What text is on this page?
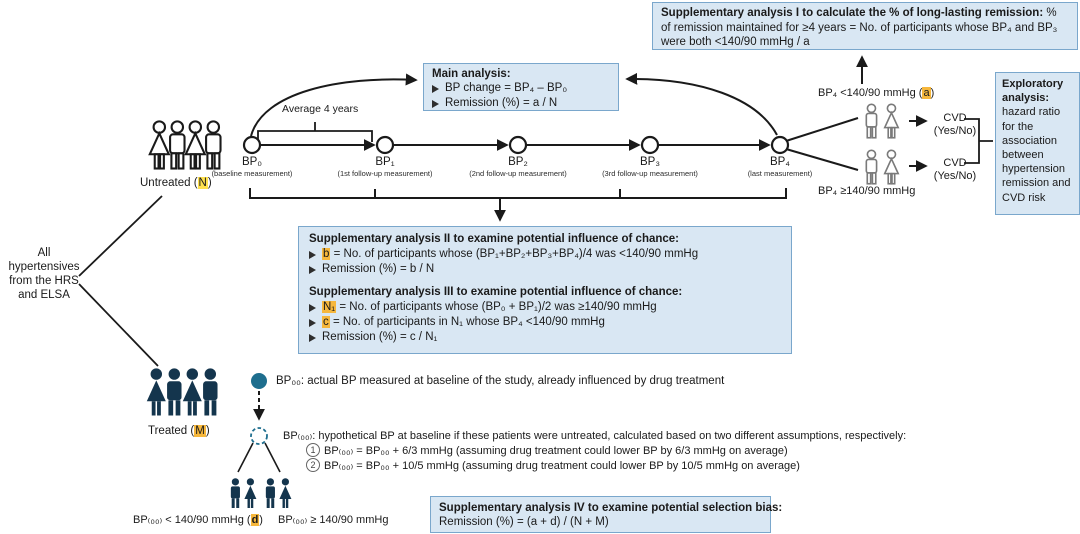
Supplementary analysis I to calculate the % of long-lasting remission: % of remission maintained for ≥4 years = No. of participants whose BP₄ and BP₃ were both <140/90 mmHg / a
Main analysis:
BP change = BP₄ – BP₀
Remission (%) = a / N
Supplementary analysis II to examine potential influence of chance:
b = No. of participants whose (BP₁+BP₂+BP₃+BP₄)/4 was <140/90 mmHg
Remission (%) = b / N
Supplementary analysis III to examine potential influence of chance:
N₁ = No. of participants whose (BP₀ + BP₁)/2 was ≥140/90 mmHg
c = No. of participants in N₁ whose BP₄ <140/90 mmHg
Remission (%) = c / N₁
Supplementary analysis IV to examine potential selection bias:
Remission (%) = (a + d) / (N + M)
Exploratory analysis: hazard ratio for the association between hypertension remission and CVD risk
Average 4 years
BP₀
(baseline measurement)
BP₁
(1st follow-up measurement)
BP₂
(2nd follow-up measurement)
BP₃
(3rd follow-up measurement)
BP₄
(last measurement)
All hypertensives from the HRS and ELSA
Untreated (N)
Treated (M)
BP₄ <140/90 mmHg (a)
BP₄ ≥140/90 mmHg
CVD
(Yes/No)
CVD
(Yes/No)
BP₀₀: actual BP measured at baseline of the study, already influenced by drug treatment
BP₍₀₀₎: hypothetical BP at baseline if these patients were untreated, calculated based on two different assumptions, respectively:
1 BP₍₀₀₎ = BP₀₀ + 6/3 mmHg (assuming drug treatment could lower BP by 6/3 mmHg on average)
2 BP₍₀₀₎ = BP₀₀ + 10/5 mmHg (assuming drug treatment could lower BP by 10/5 mmHg on average)
BP₍₀₀₎ < 140/90 mmHg (d) BP₍₀₀₎ ≥ 140/90 mmHg
